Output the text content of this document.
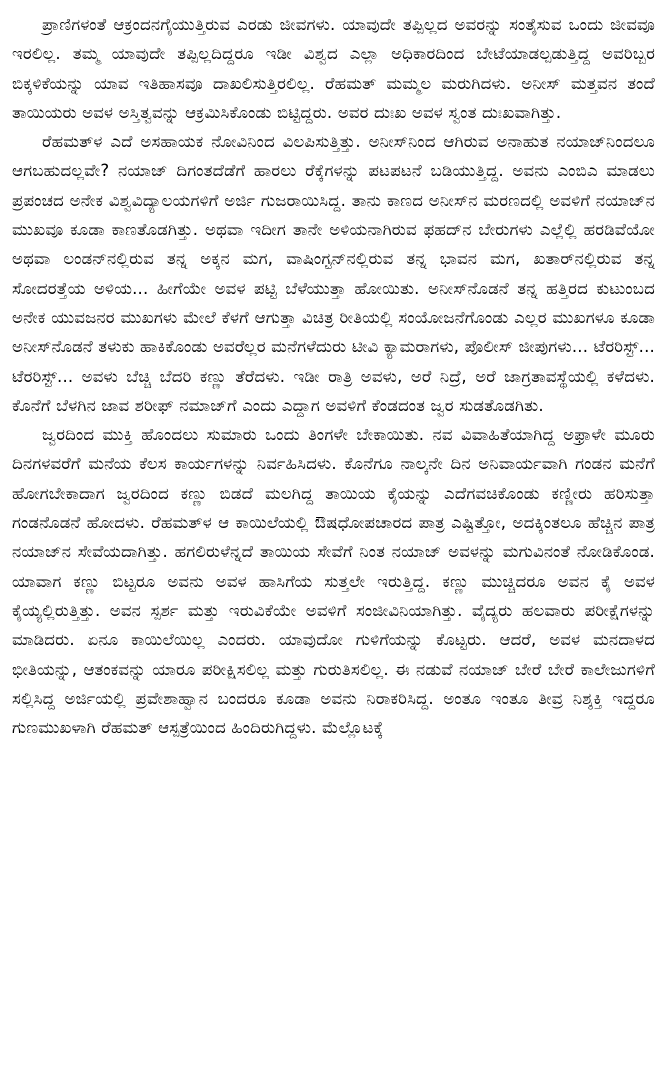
ಪ್ರಾಣಿಗಳಂತೆ ಆಕ್ರಂದನಗೈಯುತ್ತಿರುವ ಎರಡು ಜೀವಗಳು. ಯಾವುದೇ ತಪ್ಪಿಲ್ಲದ ಅವರನ್ನು ಸಂತೈಸುವ ಒಂದು ಜೀವವೂ ಇರಲಿಲ್ಲ. ತಮ್ಮ ಯಾವುದೇ ತಪ್ಪಿಲ್ಲದಿದ್ದರೂ ಇಡೀ ವಿಶ್ವದ ಎಲ್ಲಾ ಅಧಿಕಾರದಿಂದ ಬೇಟೆಯಾಡಲ್ಪಡುತ್ತಿದ್ದ ಅವರಿಬ್ಬರ ಬಿಕ್ಕಳಿಕೆಯನ್ನು ಯಾವ ಇತಿಹಾಸವೂ ದಾಖಲಿಸುತ್ತಿರಲಿಲ್ಲ. ರೆಹಮತ್ ಮಮ್ಮಲ ಮರುಗಿದಳು. ಅನೀಸ್ ಮತ್ತವನ ತಂದೆ ತಾಯಿಯರು ಅವಳ ಅಸ್ತಿತ್ವವನ್ನು ಆಕ್ರಮಿಸಿಕೊಂಡು ಬಿಟ್ಟಿದ್ದರು. ಅವರ ದುಃಖ ಅವಳ ಸ್ವಂತ ದುಃಖವಾಗಿತ್ತು.

ರೆಹಮತ್‌ಳ ಎದೆ ಅಸಹಾಯಕ ನೋವಿನಿಂದ ವಿಲಪಿಸುತ್ತಿತ್ತು. ಅನೀಸ್‌ನಿಂದ ಆಗಿರುವ ಅನಾಹುತ ನಯಾಜ್‌ನಿಂದಲೂ ಆಗಬಹುದಲ್ಲವೇ? ನಯಾಜ್ ದಿಗಂತದೆಡೆಗೆ ಹಾರಲು ರೆಕ್ಕೆಗಳನ್ನು ಪಟಪಟನೆ ಬಡಿಯುತ್ತಿದ್ದ. ಅವನು ಎಂಬಿಎ ಮಾಡಲು ಪ್ರಪಂಚದ ಅನೇಕ ವಿಶ್ವವಿದ್ಯಾಲಯಗಳಿಗೆ ಅರ್ಜಿ ಗುಜರಾಯಿಸಿದ್ದ. ತಾನು ಕಾಣದ ಅನೀಸ್‌ನ ಮರಣದಲ್ಲಿ ಅವಳಿಗೆ ನಯಾಜ್‌ನ ಮುಖವೂ ಕೂಡಾ ಕಾಣತೊಡಗಿತ್ತು. ಅಥವಾ ಇದೀಗ ತಾನೇ ಅಳಿಯನಾಗಿರುವ ಫಹದ್‌ನ ಬೇರುಗಳು ಎಲ್ಲೆಲ್ಲಿ ಹರಡಿವೆಯೋ ಅಥವಾ ಲಂಡನ್‌ನಲ್ಲಿರುವ ತನ್ನ ಅಕ್ಕನ ಮಗ, ವಾಷಿಂಗ್ಟನ್‌ನಲ್ಲಿರುವ ತನ್ನ ಭಾವನ ಮಗ, ಖತಾರ್‌ನಲ್ಲಿರುವ ತನ್ನ ಸೋದರತ್ತೆಯ ಅಳಿಯ... ಹೀಗೆಯೇ ಅವಳ ಪಟ್ಟಿ ಬೆಳೆಯುತ್ತಾ ಹೋಯಿತು. ಅನೀಸ್‌ನೊಡನೆ ತನ್ನ ಹತ್ತಿರದ ಕುಟುಂಬದ ಅನೇಕ ಯುವಜನರ ಮುಖಗಳು ಮೇಲೆ ಕೆಳಗೆ ಆಗುತ್ತಾ ವಿಚಿತ್ರ ರೀತಿಯಲ್ಲಿ ಸಂಯೋಜನೆಗೊಂಡು ಎಲ್ಲರ ಮುಖಗಳೂ ಕೂಡಾ ಅನೀಸ್‌ನೊಡನೆ ತಳುಕು ಹಾಕಿಕೊಂಡು ಅವರೆಲ್ಲರ ಮನೆಗಳೆದುರು ಟೀವಿ ಕ್ಯಾಮರಾಗಳು, ಪೊಲೀಸ್ ಜೀಪುಗಳು... ಟೆರರಿಸ್ಟ್... ಟೆರರಿಸ್ಟ್... ಅವಳು ಬೆಚ್ಚಿ ಬೆದರಿ ಕಣ್ಣು ತೆರೆದಳು. ಇಡೀ ರಾತ್ರಿ ಅವಳು, ಅರೆ ನಿದ್ರೆ, ಅರೆ ಜಾಗ್ರತಾವಸ್ಥೆಯಲ್ಲಿ ಕಳೆದಳು. ಕೊನೆಗೆ ಬೆಳಗಿನ ಜಾವ ಶರೀಫ್ ನಮಾಜ್‌ಗೆ ಎಂದು ಎದ್ದಾಗ ಅವಳಿಗೆ ಕೆಂಡದಂತ ಜ್ವರ ಸುಡತೊಡಗಿತು.

ಜ್ವರದಿಂದ ಮುಕ್ತಿ ಹೊಂದಲು ಸುಮಾರು ಒಂದು ತಿಂಗಳೇ ಬೇಕಾಯಿತು. ನವ ವಿವಾಹಿತೆಯಾಗಿದ್ದ ಅಫ್ರಾಳೇ ಮೂರು ದಿನಗಳವರೆಗೆ ಮನೆಯ ಕೆಲಸ ಕಾರ್ಯಗಳನ್ನು ನಿರ್ವಹಿಸಿದಳು. ಕೊನೆಗೂ ನಾಲ್ಕನೇ ದಿನ ಅನಿವಾರ್ಯವಾಗಿ ಗಂಡನ ಮನೆಗೆ ಹೋಗಬೇಕಾದಾಗ ಜ್ವರದಿಂದ ಕಣ್ಣು ಬಿಡದೆ ಮಲಗಿದ್ದ ತಾಯಿಯ ಕೈಯನ್ನು ಎದೆಗವಚಿಕೊಂಡು ಕಣ್ಣೀರು ಹರಿಸುತ್ತಾ ಗಂಡನೊಡನೆ ಹೋದಳು. ರೆಹಮತ್‌ಳ ಆ ಕಾಯಿಲೆಯಲ್ಲಿ ಔಷಧೋಪಚಾರದ ಪಾತ್ರ ಎಷ್ಟಿತ್ತೋ, ಅದಕ್ಕಿಂತಲೂ ಹೆಚ್ಚಿನ ಪಾತ್ರ ನಯಾಜ್‌ನ ಸೇವೆಯದಾಗಿತ್ತು. ಹಗಲಿರುಳೆನ್ನದೆ ತಾಯಿಯ ಸೇವೆಗೆ ನಿಂತ ನಯಾಜ್ ಅವಳನ್ನು ಮಗುವಿನಂತೆ ನೋಡಿಕೊಂಡ. ಯಾವಾಗ ಕಣ್ಣು ಬಿಟ್ಟರೂ ಅವನು ಅವಳ ಹಾಸಿಗೆಯ ಸುತ್ತಲೇ ಇರುತ್ತಿದ್ದ. ಕಣ್ಣು ಮುಚ್ಚಿದರೂ ಅವನ ಕೈ ಅವಳ ಕೈಯ್ಯಲ್ಲಿರುತ್ತಿತ್ತು. ಅವನ ಸ್ಪರ್ಶ ಮತ್ತು ಇರುವಿಕೆಯೇ ಅವಳಿಗೆ ಸಂಜೀವಿನಿಯಾಗಿತ್ತು. ವೈದ್ಯರು ಹಲವಾರು ಪರೀಕ್ಷೆಗಳನ್ನು ಮಾಡಿದರು. ಏನೂ ಕಾಯಿಲೆಯಿಲ್ಲ ಎಂದರು. ಯಾವುದೋ ಗುಳಿಗೆಯನ್ನು ಕೊಟ್ಟರು. ಆದರೆ, ಅವಳ ಮನದಾಳದ ಭೀತಿಯನ್ನು, ಆತಂಕವನ್ನು ಯಾರೂ ಪರೀಕ್ಷಿಸಲಿಲ್ಲ ಮತ್ತು ಗುರುತಿಸಲಿಲ್ಲ. ಈ ನಡುವೆ ನಯಾಜ್ ಬೇರೆ ಬೇರೆ ಕಾಲೇಜುಗಳಿಗೆ ಸಲ್ಲಿಸಿದ್ದ ಅರ್ಜಿಯಲ್ಲಿ ಪ್ರವೇಶಾಹ್ವಾನ ಬಂದರೂ ಕೂಡಾ ಅವನು ನಿರಾಕರಿಸಿದ್ದ. ಅಂತೂ ಇಂತೂ ತೀವ್ರ ನಿಶ್ಶಕ್ತಿ ಇದ್ದರೂ ಗುಣಮುಖಳಾಗಿ ರೆಹಮತ್ ಆಸ್ಪತ್ರೆಯಿಂದ ಹಿಂದಿರುಗಿದ್ದಳು. ಮೆಲ್ಲೊಟಕ್ಕೆ
